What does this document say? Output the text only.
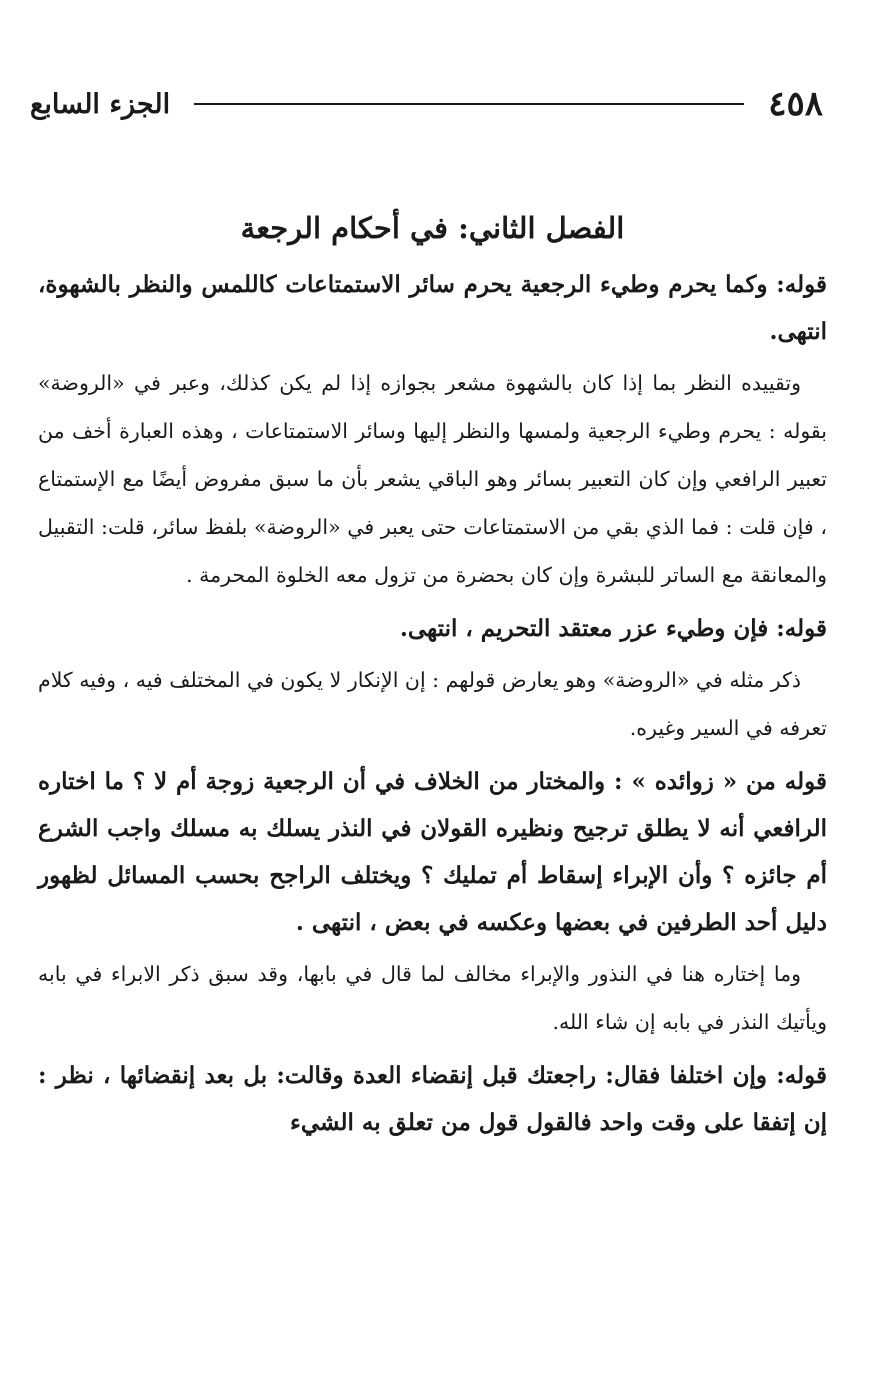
٤٥٨
الجزء السابع
الفصل الثاني: في أحكام الرجعة

قوله: وكما يحرم وطيء الرجعية يحرم سائر الاستمتاعات كاللمس والنظر بالشهوة، انتهى.

وتقييده النظر بما إذا كان بالشهوة مشعر بجوازه إذا لم يكن كذلك، وعبر في «الروضة» بقوله : يحرم وطيء الرجعية ولمسها والنظر إليها وسائر الاستمتاعات ، وهذه العبارة أخف من تعبير الرافعي وإن كان التعبير بسائر وهو الباقي يشعر بأن ما سبق مفروض أيضًا مع الإستمتاع ، فإن قلت : فما الذي بقي من الاستمتاعات حتى يعبر في «الروضة» بلفظ سائر، قلت: التقبيل والمعانقة مع الساتر للبشرة وإن كان بحضرة من تزول معه الخلوة المحرمة .

قوله: فإن وطيء عزر معتقد التحريم ، انتهى.

ذكر مثله في «الروضة» وهو يعارض قولهم : إن الإنكار لا يكون في المختلف فيه ، وفيه كلام تعرفه في السير وغيره.

قوله من « زوائده » : والمختار من الخلاف في أن الرجعية زوجة أم لا ؟ ما اختاره الرافعي أنه لا يطلق ترجيح ونظيره القولان في النذر يسلك به مسلك واجب الشرع أم جائزه ؟ وأن الإبراء إسقاط أم تمليك ؟ ويختلف الراجح بحسب المسائل لظهور دليل أحد الطرفين في بعضها وعكسه في بعض ، انتهى .

وما إختاره هنا في النذور والإبراء مخالف لما قال في بابها، وقد سبق ذكر الابراء في بابه ويأتيك النذر في بابه إن شاء الله.

قوله: وإن اختلفا فقال: راجعتك قبل إنقضاء العدة وقالت: بل بعد إنقضائها ، نظر : إن إتفقا على وقت واحد فالقول قول من تعلق به الشيء
